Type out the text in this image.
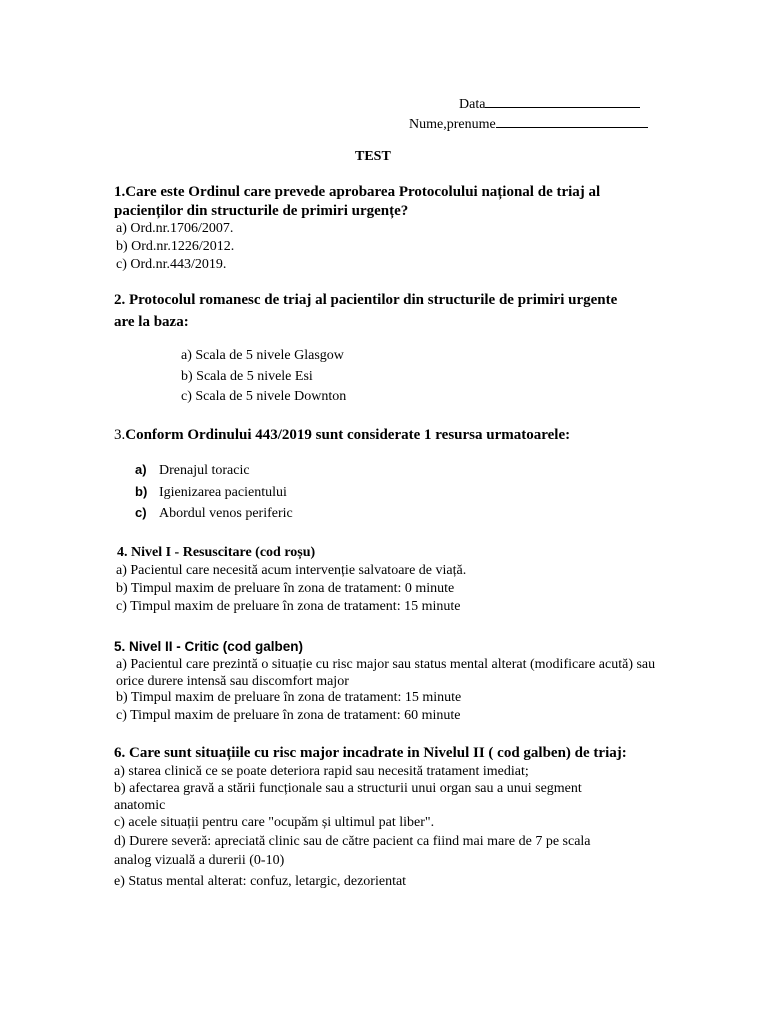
Data
Nume,prenume
TEST
1.Care este Ordinul care prevede aprobarea Protocolului național de triaj al
pacienților din structurile de primiri urgențe?
a) Ord.nr.1706/2007.
b) Ord.nr.1226/2012.
c) Ord.nr.443/2019.
2. Protocolul romanesc de triaj al pacientilor din structurile de primiri urgente
are la baza:
a) Scala de 5 nivele Glasgow
b) Scala de 5 nivele Esi
c) Scala de 5 nivele Downton
3.Conform Ordinului 443/2019 sunt considerate 1 resursa urmatoarele:
a) Drenajul toracic
b) Igienizarea pacientului
c) Abordul venos periferic
4. Nivel I - Resuscitare (cod roșu)
a) Pacientul care necesită acum intervenție salvatoare de viață.
b) Timpul maxim de preluare în zona de tratament: 0 minute
c) Timpul maxim de preluare în zona de tratament: 15 minute
5. Nivel II - Critic (cod galben)
a) Pacientul care prezintă o situație cu risc major sau status mental alterat (modificare acută) sau
orice durere intensă sau discomfort major
b) Timpul maxim de preluare în zona de tratament: 15 minute
c) Timpul maxim de preluare în zona de tratament: 60 minute
6. Care sunt situațiile cu risc major incadrate in Nivelul II ( cod galben) de triaj:
a) starea clinică ce se poate deteriora rapid sau necesită tratament imediat;
b) afectarea gravă a stării funcționale sau a structurii unui organ sau a unui segment
anatomic
c) acele situații pentru care "ocupăm și ultimul pat liber".
d) Durere severă: apreciată clinic sau de către pacient ca fiind mai mare de 7 pe scala
analog vizuală a durerii (0-10)
e) Status mental alterat: confuz, letargic, dezorientat
